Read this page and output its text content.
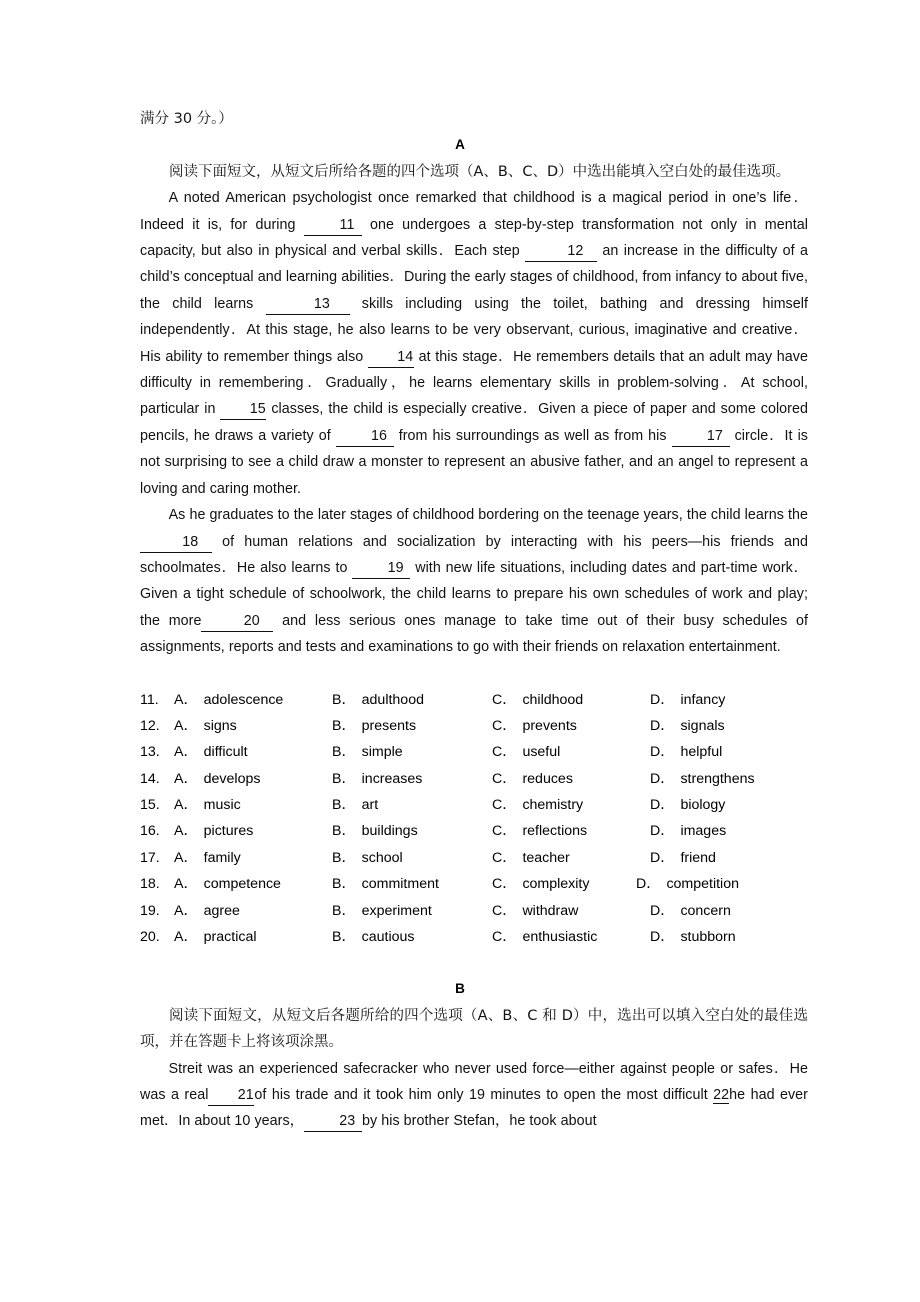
满分 30 分。）

A

阅读下面短文，从短文后所给各题的四个选项（A、B、C、D）中选出能填入空白处的最佳选项。

A noted American psychologist once remarked that childhood is a magical period in one’s life．Indeed it is, for during	11 one undergoes a step-by-step transformation not only in mental capacity, but also in physical and verbal skills．Each step	12 an increase in the difficulty of a child’s conceptual and learning abilities．During the early stages of childhood, from infancy to about five, the child learns	13 skills including using the toilet, bathing and dressing himself independently．At this stage, he also learns to be very observant, curious, imaginative and creative．His ability to remember things also 14 at this stage．He remembers details that an adult may have difficulty in remembering．Gradually，he learns elementary skills in problem-solving．At school, particular in 15 classes, the child is especially creative．Given a piece of paper and some colored pencils, he draws a variety of 16 from his surroundings as well as from his 17 circle．It is not surprising to see a child draw a monster to represent an abusive father, and an angel to represent a loving and caring mother.

As he graduates to the later stages of childhood bordering on the teenage years, the child learns the 18 of human relations and socialization by interacting with his peers—his friends and schoolmates．He also learns to 19 with new life situations, including dates and part-time work．Given a tight schedule of schoolwork, the child learns to prepare his own schedules of work and play; the more	20 and less serious ones manage to take time out of their busy schedules of assignments, reports and tests and examinations to go with their friends on relaxation entertainment.

11.	A． adolescence	B． adulthood	C． childhood	D． infancy
12.	A． signs	B． presents	C． prevents	D． signals
13.	A． difficult	B． simple	C． useful	D． helpful
14.	A． develops	B． increases	C． reduces	D． strengthens
15.	A． music	B． art	C． chemistry	D． biology
16.	A． pictures	B． buildings	C． reflections	D． images
17.	A． family	B． school	C． teacher	D． friend
18.	A． competence	B． commitment	C． complexity	D． competition
19.	A． agree	B． experiment	C． withdraw	D． concern
20.	A． practical	B． cautious	C． enthusiastic	D． stubborn

B

阅读下面短文，从短文后各题所给的四个选项（A、B、C 和 D）中，选出可以填入空白处的最佳选项，并在答题卡上将该项涂黑。

Streit was an experienced safecracker who never used force—either against people or safes．He was a real 21of his trade and it took him only 19 minutes to open the most difficult 22he had ever met．In about 10 years， 23 by his brother Stefan，he took about
